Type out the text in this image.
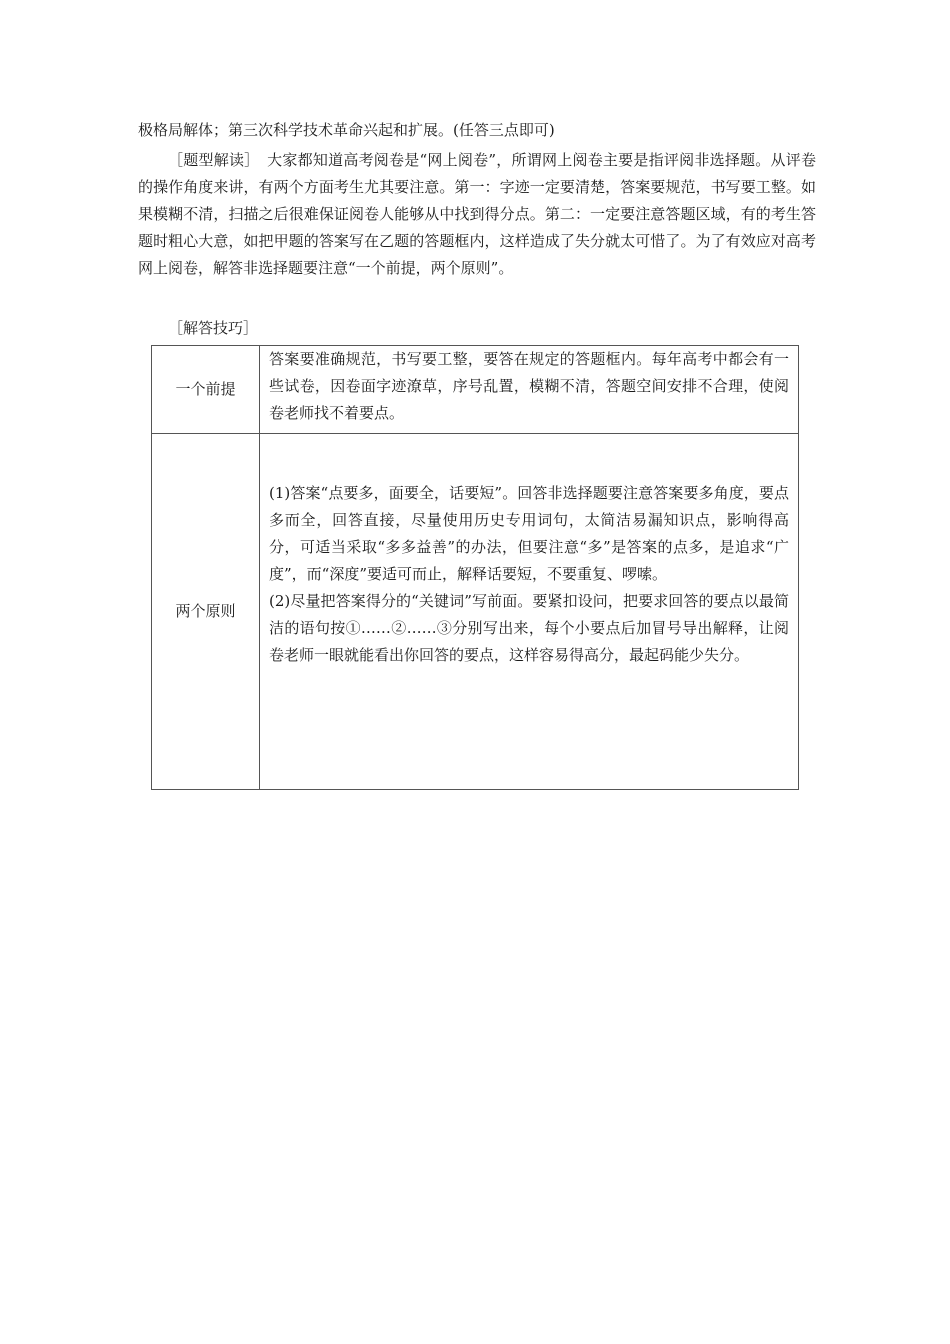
极格局解体；第三次科学技术革命兴起和扩展。(任答三点即可)

［题型解读］　大家都知道高考阅卷是“网上阅卷”，所谓网上阅卷主要是指评阅非选择题。从评卷的操作角度来讲，有两个方面考生尤其要注意。第一：字迹一定要清楚，答案要规范，书写要工整。如果模糊不清，扫描之后很难保证阅卷人能够从中找到得分点。第二：一定要注意答题区域，有的考生答题时粗心大意，如把甲题的答案写在乙题的答题框内，这样造成了失分就太可惜了。为了有效应对高考网上阅卷，解答非选择题要注意“一个前提，两个原则”。

［解答技巧］

一个前提	答案要准确规范，书写要工整，要答在规定的答题框内。每年高考中都会有一些试卷，因卷面字迹潦草，序号乱置，模糊不清，答题空间安排不合理，使阅卷老师找不着要点。

两个原则	(1)答案“点要多，面要全，话要短”。回答非选择题要注意答案要多角度，要点多而全，回答直接，尽量使用历史专用词句，太简洁易漏知识点，影响得高分，可适当采取“多多益善”的办法，但要注意“多”是答案的点多，是追求“广度”，而“深度”要适可而止，解释话要短，不要重复、啰嗦。

(2)尽量把答案得分的“关键词”写前面。要紧扣设问，把要求回答的要点以最简洁的语句按①……②……③分别写出来，每个小要点后加冒号导出解释，让阅卷老师一眼就能看出你回答的要点，这样容易得高分，最起码能少失分。
